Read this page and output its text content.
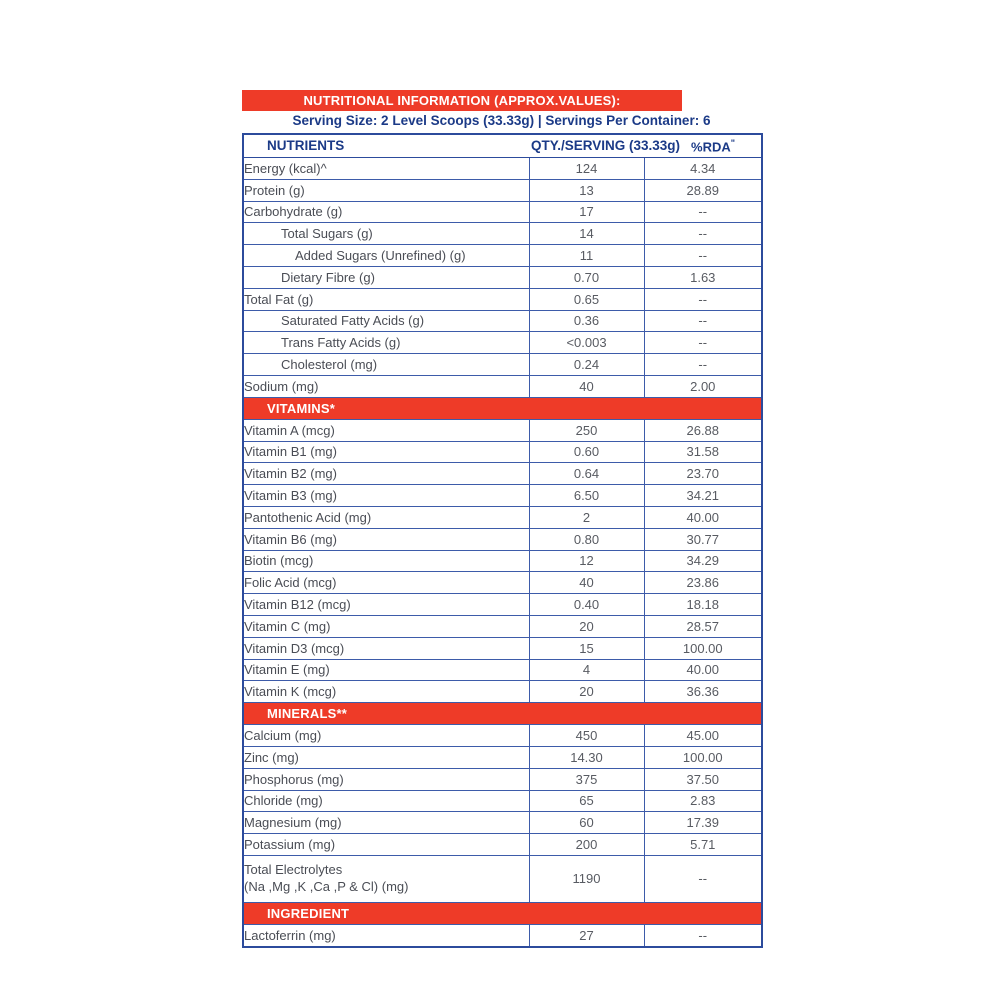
NUTRITIONAL INFORMATION (APPROX.VALUES):
Serving Size: 2 Level Scoops (33.33g) | Servings Per Container: 6
NUTRIENTS QTY./SERVING (33.33g) %RDA"

Energy (kcal)^	124	4.34
Protein (g)	13	28.89
Carbohydrate (g)	17	--
Total Sugars (g)	14	--
Added Sugars (Unrefined) (g)	11	--
Dietary Fibre (g)	0.70	1.63
Total Fat (g)	0.65	--
Saturated Fatty Acids (g)	0.36	--
Trans Fatty Acids (g)	<0.003	--
Cholesterol (mg)	0.24	--
Sodium (mg)	40	2.00
VITAMINS*		
Vitamin A (mcg)	250	26.88
Vitamin B1 (mg)	0.60	31.58
Vitamin B2 (mg)	0.64	23.70
Vitamin B3 (mg)	6.50	34.21
Pantothenic Acid (mg)	2	40.00
Vitamin B6 (mg)	0.80	30.77
Biotin (mcg)	12	34.29
Folic Acid (mcg)	40	23.86
Vitamin B12 (mcg)	0.40	18.18
Vitamin C (mg)	20	28.57
Vitamin D3 (mcg)	15	100.00
Vitamin E (mg)	4	40.00
Vitamin K (mcg)	20	36.36
MINERALS**		
Calcium (mg)	450	45.00
Zinc (mg)	14.30	100.00
Phosphorus (mg)	375	37.50
Chloride (mg)	65	2.83
Magnesium (mg)	60	17.39
Potassium (mg)	200	5.71

Total Electrolytes
(Na ,Mg ,K ,Ca ,P & Cl) (mg)	1190	--
INGREDIENT		
Lactoferrin (mg)	27	--
